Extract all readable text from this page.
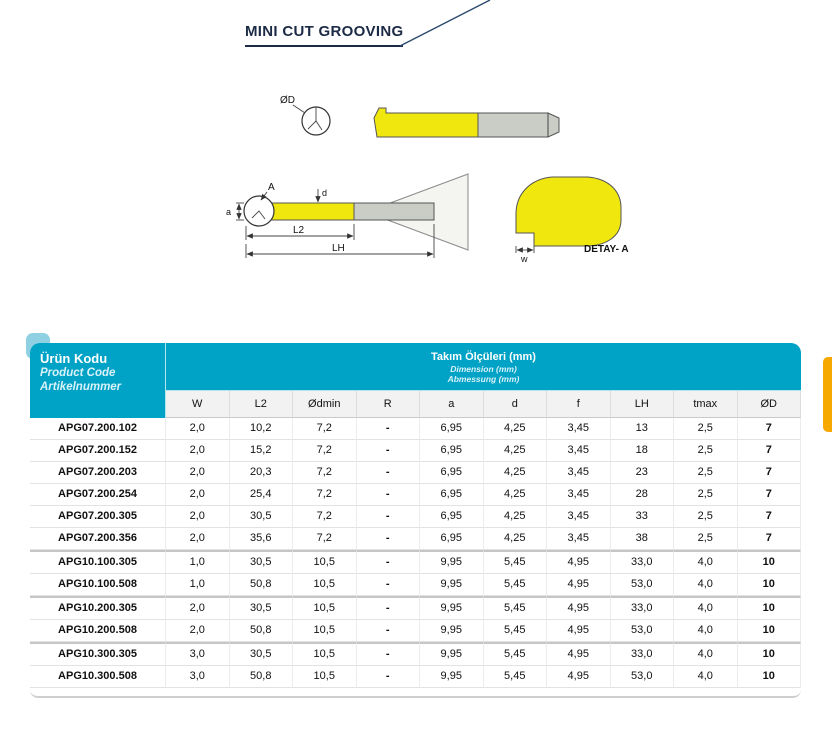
MINI CUT GROOVING
ØD
A	d
a
L2
LH
w
DETAY- A
Ürün Kodu
Product Code
Artikelnummer

Takım Ölçüleri (mm)
Dimension (mm)
Abmessung (mm)

	W	L2	Ødmin	R	a	d	f	LH	tmax	ØD
APG07.200.102	2,0	10,2	7,2	-	6,95	4,25	3,45	13	2,5	7
APG07.200.152	2,0	15,2	7,2	-	6,95	4,25	3,45	18	2,5	7
APG07.200.203	2,0	20,3	7,2	-	6,95	4,25	3,45	23	2,5	7
APG07.200.254	2,0	25,4	7,2	-	6,95	4,25	3,45	28	2,5	7
APG07.200.305	2,0	30,5	7,2	-	6,95	4,25	3,45	33	2,5	7
APG07.200.356	2,0	35,6	7,2	-	6,95	4,25	3,45	38	2,5	7
APG10.100.305	1,0	30,5	10,5	-	9,95	5,45	4,95	33,0	4,0	10
APG10.100.508	1,0	50,8	10,5	-	9,95	5,45	4,95	53,0	4,0	10
APG10.200.305	2,0	30,5	10,5	-	9,95	5,45	4,95	33,0	4,0	10
APG10.200.508	2,0	50,8	10,5	-	9,95	5,45	4,95	53,0	4,0	10
APG10.300.305	3,0	30,5	10,5	-	9,95	5,45	4,95	33,0	4,0	10
APG10.300.508	3,0	50,8	10,5	-	9,95	5,45	4,95	53,0	4,0	10
